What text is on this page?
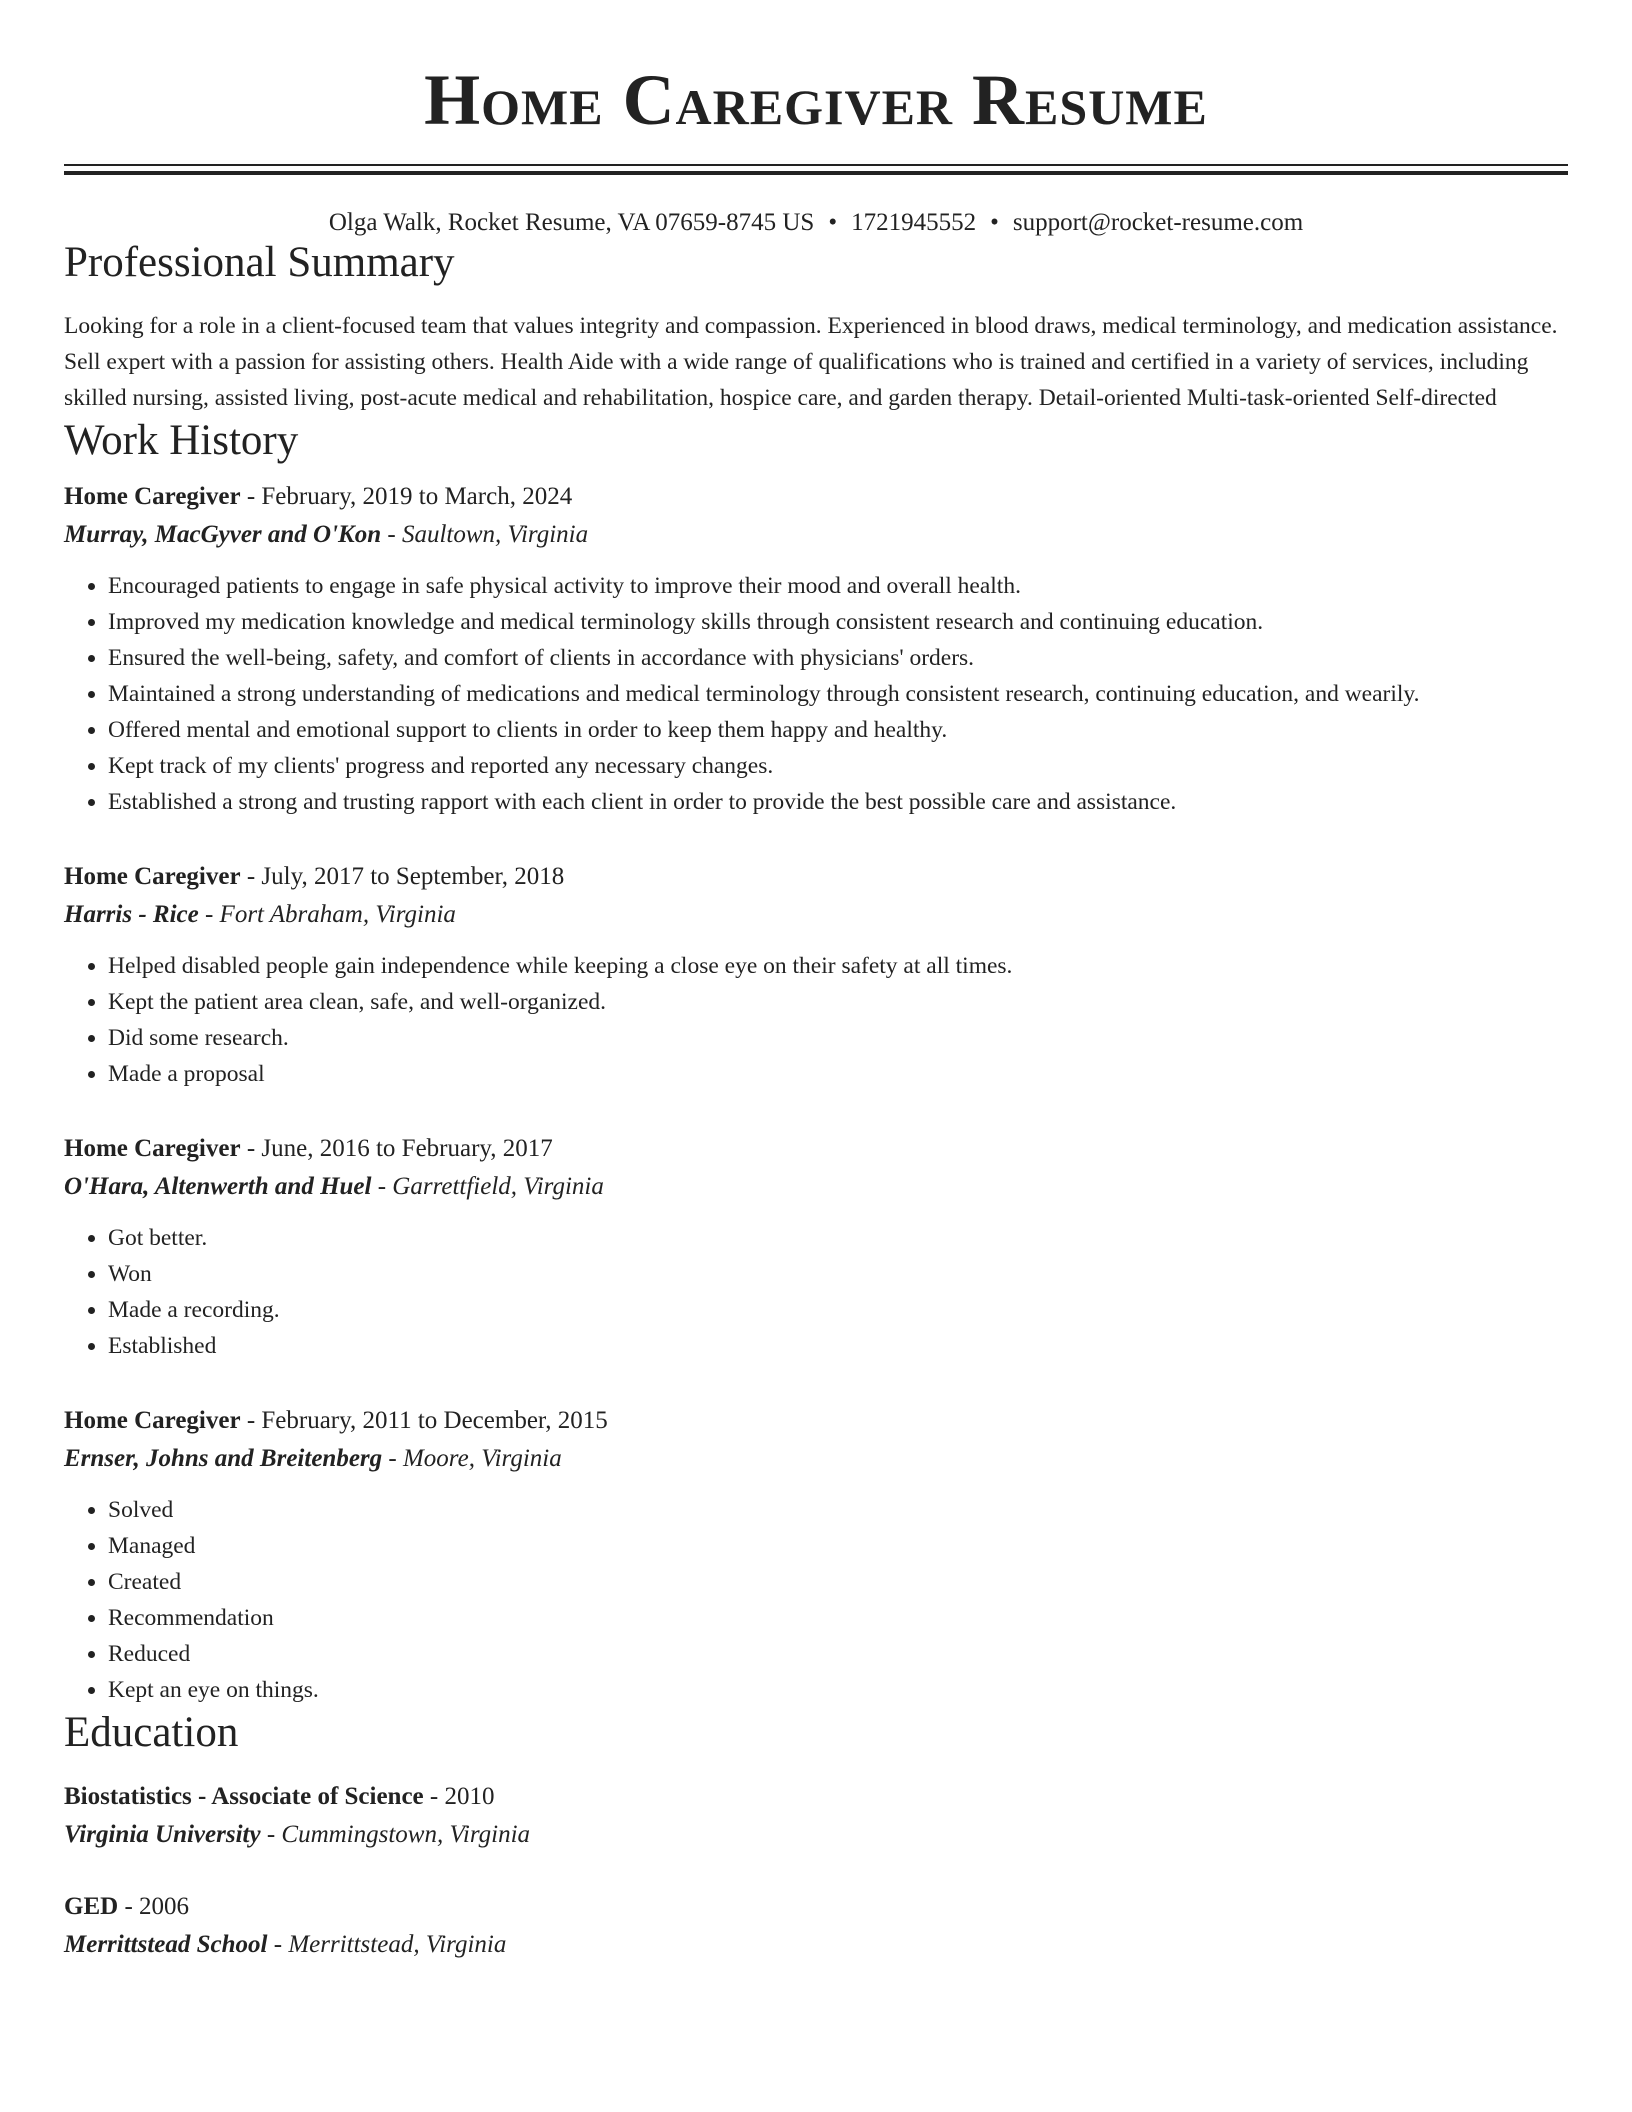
Home Caregiver Resume
Olga Walk, Rocket Resume, VA 07659-8745 US • 1721945552 • support@rocket-resume.com
Professional Summary
Looking for a role in a client-focused team that values integrity and compassion. Experienced in blood draws, medical terminology, and medication assistance. Sell expert with a passion for assisting others. Health Aide with a wide range of qualifications who is trained and certified in a variety of services, including skilled nursing, assisted living, post-acute medical and rehabilitation, hospice care, and garden therapy. Detail-oriented Multi-task-oriented Self-directed
Work History
Home Caregiver - February, 2019 to March, 2024
Murray, MacGyver and O'Kon - Saultown, Virginia
• Encouraged patients to engage in safe physical activity to improve their mood and overall health.
• Improved my medication knowledge and medical terminology skills through consistent research and continuing education.
• Ensured the well-being, safety, and comfort of clients in accordance with physicians' orders.
• Maintained a strong understanding of medications and medical terminology through consistent research, continuing education, and wearily.
• Offered mental and emotional support to clients in order to keep them happy and healthy.
• Kept track of my clients' progress and reported any necessary changes.
• Established a strong and trusting rapport with each client in order to provide the best possible care and assistance.
Home Caregiver - July, 2017 to September, 2018
Harris - Rice - Fort Abraham, Virginia
• Helped disabled people gain independence while keeping a close eye on their safety at all times.
• Kept the patient area clean, safe, and well-organized.
• Did some research.
• Made a proposal
Home Caregiver - June, 2016 to February, 2017
O'Hara, Altenwerth and Huel - Garrettfield, Virginia
• Got better.
• Won
• Made a recording.
• Established
Home Caregiver - February, 2011 to December, 2015
Ernser, Johns and Breitenberg - Moore, Virginia
• Solved
• Managed
• Created
• Recommendation
• Reduced
• Kept an eye on things.
Education
Biostatistics - Associate of Science - 2010
Virginia University - Cummingstown, Virginia
GED - 2006
Merrittstead School - Merrittstead, Virginia
